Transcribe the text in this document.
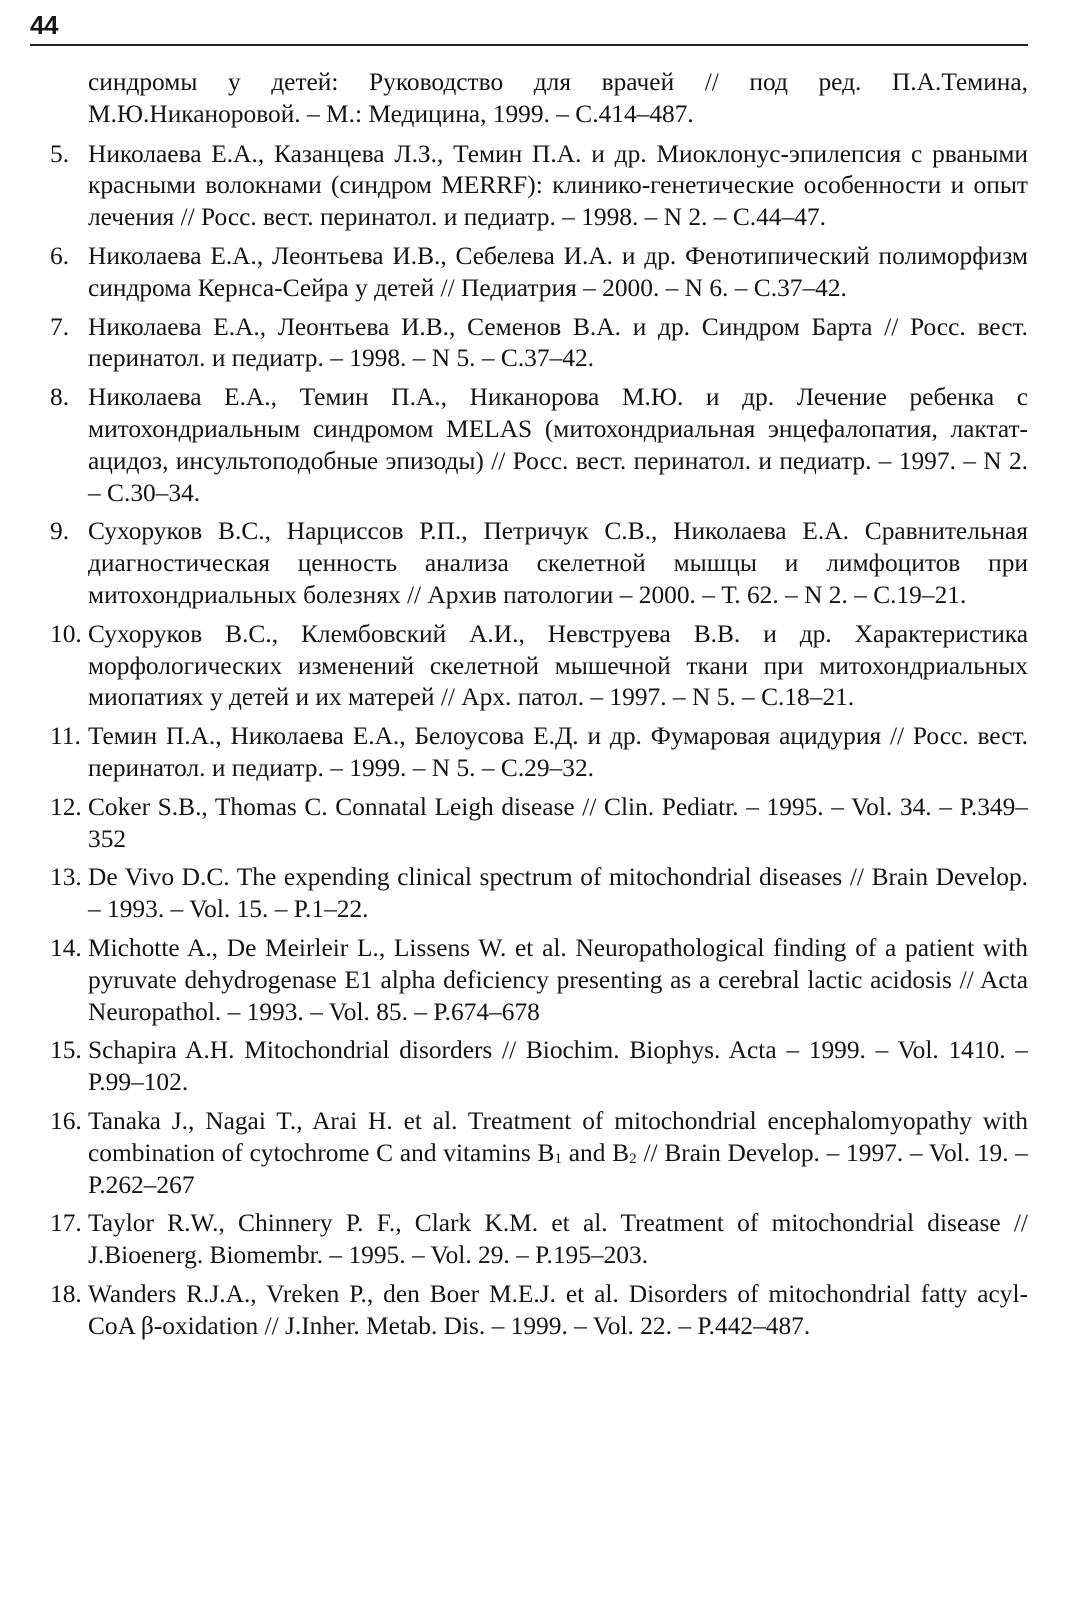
44
синдромы у детей: Руководство для врачей // под ред. П.А.Темина, М.Ю.Никаноровой. – М.: Медицина, 1999. – С.414–487.
5. Николаева Е.А., Казанцева Л.З., Темин П.А. и др. Миоклонус-эпилепсия с рваными красными волокнами (синдром MERRF): клинико-генетические особенности и опыт лечения // Росс. вест. перинатол. и педиатр. – 1998. – N 2. – С.44–47.
6. Николаева Е.А., Леонтьева И.В., Себелева И.А. и др. Фенотипический полиморфизм синдрома Кернса-Сейра у детей // Педиатрия – 2000. – N 6. – С.37–42.
7. Николаева Е.А., Леонтьева И.В., Семенов В.А. и др. Синдром Барта // Росс. вест. перинатол. и педиатр. – 1998. – N 5. – С.37–42.
8. Николаева Е.А., Темин П.А., Никанорова М.Ю. и др. Лечение ребенка с митохондриальным синдромом MELAS (митохондриальная энцефалопатия, лактат-ацидоз, инсультоподобные эпизоды) // Росс. вест. перинатол. и педиатр. – 1997. – N 2. – С.30–34.
9. Сухоруков В.С., Нарциссов Р.П., Петричук С.В., Николаева Е.А. Сравнительная диагностическая ценность анализа скелетной мышцы и лимфоцитов при митохондриальных болезнях // Архив патологии – 2000. – Т. 62. – N 2. – С.19–21.
10. Сухоруков В.С., Клембовский А.И., Невструева В.В. и др. Характеристика морфологических изменений скелетной мышечной ткани при митохондриальных миопатиях у детей и их матерей // Арх. патол. – 1997. – N 5. – С.18–21.
11. Темин П.А., Николаева Е.А., Белоусова Е.Д. и др. Фумаровая ацидурия // Росс. вест. перинатол. и педиатр. – 1999. – N 5. – С.29–32.
12. Coker S.B., Thomas C. Connatal Leigh disease // Clin. Pediatr. – 1995. – Vol. 34. – P.349–352
13. De Vivo D.C. The expending clinical spectrum of mitochondrial diseases // Brain Develop. – 1993. – Vol. 15. – P.1–22.
14. Michotte A., De Meirleir L., Lissens W. et al. Neuropathological finding of a patient with pyruvate dehydrogenase E1 alpha deficiency presenting as a cerebral lactic acidosis // Acta Neuropathol. – 1993. – Vol. 85. – P.674–678
15. Schapira A.H. Mitochondrial disorders // Biochim. Biophys. Acta – 1999. – Vol. 1410. – P.99–102.
16. Tanaka J., Nagai T., Arai H. et al. Treatment of mitochondrial encephalomyopathy with combination of cytochrome C and vitamins $B_1$ and $B_2$ // Brain Develop. – 1997. – Vol. 19. – P.262–267
17. Taylor R.W., Chinnery P. F., Clark K.M. et al. Treatment of mitochondrial disease // J.Bioenerg. Biomembr. – 1995. – Vol. 29. – P.195–203.
18. Wanders R.J.A., Vreken P., den Boer M.E.J. et al. Disorders of mitochondrial fatty acyl-CoA β-oxidation // J.Inher. Metab. Dis. – 1999. – Vol. 22. – P.442–487.
